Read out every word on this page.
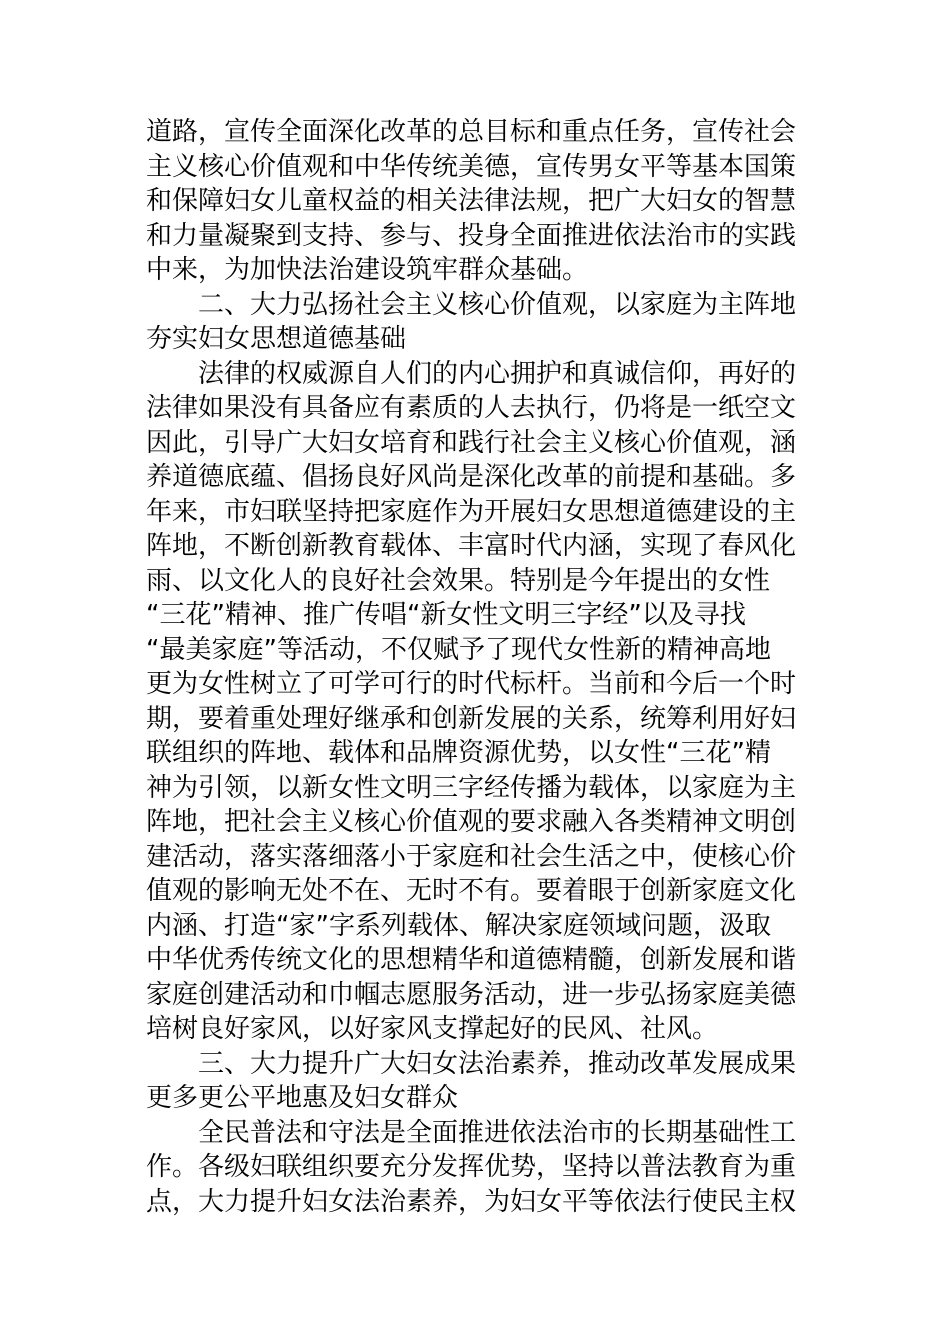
道路，宣传全面深化改革的总目标和重点任务，宣传社会
主义核心价值观和中华传统美德，宣传男女平等基本国策
和保障妇女儿童权益的相关法律法规，把广大妇女的智慧
和力量凝聚到支持、参与、投身全面推进依法治市的实践
中来，为加快法治建设筑牢群众基础。
　　二、大力弘扬社会主义核心价值观，以家庭为主阵地
夯实妇女思想道德基础
　　法律的权威源自人们的内心拥护和真诚信仰，再好的
法律如果没有具备应有素质的人去执行，仍将是一纸空文
因此，引导广大妇女培育和践行社会主义核心价值观，涵
养道德底蕴、倡扬良好风尚是深化改革的前提和基础。多
年来，市妇联坚持把家庭作为开展妇女思想道德建设的主
阵地，不断创新教育载体、丰富时代内涵，实现了春风化
雨、以文化人的良好社会效果。特别是今年提出的女性
“三花”精神、推广传唱“新女性文明三字经”以及寻找
“最美家庭”等活动，不仅赋予了现代女性新的精神高地
更为女性树立了可学可行的时代标杆。当前和今后一个时
期，要着重处理好继承和创新发展的关系，统筹利用好妇
联组织的阵地、载体和品牌资源优势，以女性“三花”精
神为引领，以新女性文明三字经传播为载体，以家庭为主
阵地，把社会主义核心价值观的要求融入各类精神文明创
建活动，落实落细落小于家庭和社会生活之中，使核心价
值观的影响无处不在、无时不有。要着眼于创新家庭文化
内涵、打造“家”字系列载体、解决家庭领域问题，汲取
中华优秀传统文化的思想精华和道德精髓，创新发展和谐
家庭创建活动和巾帼志愿服务活动，进一步弘扬家庭美德
培树良好家风，以好家风支撑起好的民风、社风。
　　三、大力提升广大妇女法治素养，推动改革发展成果
更多更公平地惠及妇女群众
　　全民普法和守法是全面推进依法治市的长期基础性工
作。各级妇联组织要充分发挥优势，坚持以普法教育为重
点，大力提升妇女法治素养，为妇女平等依法行使民主权
